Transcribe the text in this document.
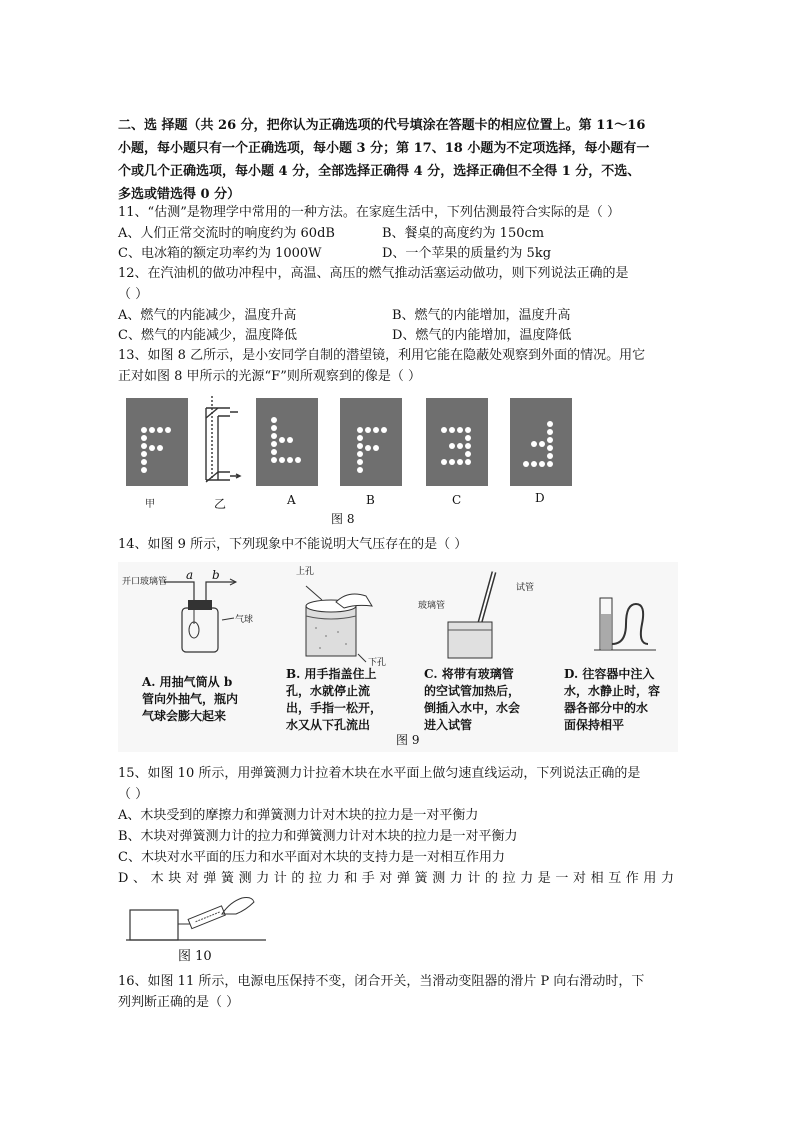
二、选 择题（共 26 分，把你认为正确选项的代号填涂在答题卡的相应位置上。第 11～16
小题，每小题只有一个正确选项，每小题 3 分；第 17、18 小题为不定项选择，每小题有一
个或几个正确选项，每小题 4 分，全部选择正确得 4 分，选择正确但不全得 1 分，不选、
多选或错选得 0 分）
11、“估测”是物理学中常用的一种方法。在家庭生活中，下列估测最符合实际的是（ ）
A、人们正常交流时的响度约为 60dB	B、餐桌的高度约为 150cm
C、电冰箱的额定功率约为 1000W	D、一个苹果的质量约为 5kg
12、在汽油机的做功冲程中，高温、高压的燃气推动活塞运动做功，则下列说法正确的是
（ ）
A、燃气的内能减少，温度升高	B、燃气的内能增加，温度升高
C、燃气的内能减少，温度降低	D、燃气的内能增加，温度降低
13、如图 8 乙所示，是小安同学自制的潜望镜，利用它能在隐蔽处观察到外面的情况。用它
正对如图 8 甲所示的光源“F”则所观察到的像是（ ）
甲	乙	A	B	C	D
图 8
14、如图 9 所示，下列现象中不能说明大气压存在的是（ ）
开口玻璃管 a b
气球
上孔
下孔
试管
玻璃管
A. 用抽气筒从 b
管向外抽气，瓶内
气球会膨大起来
B. 用手指盖住上
孔，水就停止流
出，手指一松开，
水又从下孔流出
C. 将带有玻璃管
的空试管加热后，
倒插入水中，水会
进入试管
D. 往容器中注入
水，水静止时，容
器各部分中的水
面保持相平
图 9
15、如图 10 所示，用弹簧测力计拉着木块在水平面上做匀速直线运动，下列说法正确的是
（ ）
A、木块受到的摩擦力和弹簧测力计对木块的拉力是一对平衡力
B、木块对弹簧测力计的拉力和弹簧测力计对木块的拉力是一对平衡力
C、木块对水平面的压力和水平面对木块的支持力是一对相互作用力
D、木块对弹簧测力计的拉力和手对弹簧测力计的拉力是一对相互作用力
图 10
16、如图 11 所示，电源电压保持不变，闭合开关，当滑动变阻器的滑片 P 向右滑动时，下
列判断正确的是（ ）
